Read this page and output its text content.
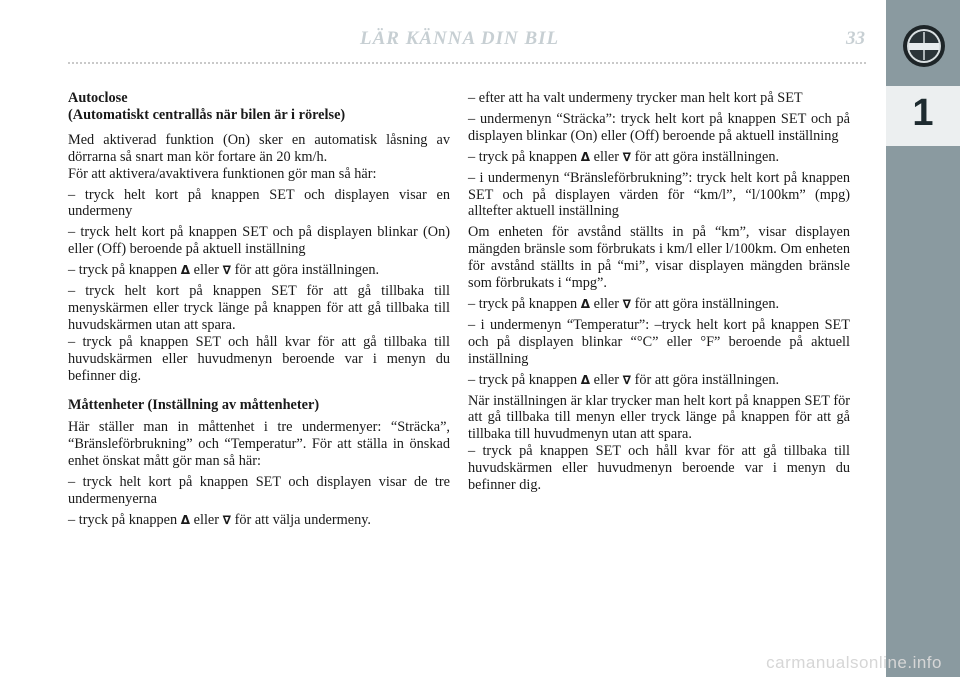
LÄR KÄNNA DIN BIL	33
1
Autoclose
(Automatiskt centrallås när bilen är i rörelse)

Med aktiverad funktion (On) sker en automatisk låsning av dörrarna så snart man kör fortare än 20 km/h.

För att aktivera/avaktivera funktionen gör man så här:

– tryck helt kort på knappen SET och displayen visar en undermeny

– tryck helt kort på knappen SET och på displayen blinkar (On) eller (Off) beroende på aktuell inställning

– tryck på knappen Δ eller ∇ för att göra inställningen.

– tryck helt kort på knappen SET för att gå tillbaka till menyskärmen eller tryck länge på knappen för att gå tillbaka till huvudskärmen utan att spara.

– tryck på knappen SET och håll kvar för att gå tillbaka till huvudskärmen eller huvudmenyn beroende var i menyn du befinner dig.

Måttenheter (Inställning av måttenheter)

Här ställer man in måttenhet i tre undermenyer: “Sträcka”, “Bränsleförbrukning” och “Temperatur”. För att ställa in önskad enhet önskat mått gör man så här:

– tryck helt kort på knappen SET och displayen visar de tre undermenyerna

– tryck på knappen Δ eller ∇ för att välja undermeny.

– efter att ha valt undermeny trycker man helt kort på SET

– undermenyn “Sträcka”: tryck helt kort på knappen SET och på displayen blinkar (On) eller (Off) beroende på aktuell inställning

– tryck på knappen Δ eller ∇ för att göra inställningen.

– i undermenyn “Bränsleförbrukning”: tryck helt kort på knappen SET och på displayen värden för “km/l”, “l/100km” (mpg) alltefter aktuell inställning

Om enheten för avstånd ställts in på “km”, visar displayen mängden bränsle som förbrukats i km/l eller l/100km. Om enheten för avstånd ställts in på “mi”, visar displayen mängden bränsle som förbrukats i “mpg”.

– tryck på knappen Δ eller ∇ för att göra inställningen.

– i undermenyn “Temperatur”: –tryck helt kort på knappen SET och på displayen blinkar “°C” eller °F” beroende på aktuell inställning

– tryck på knappen Δ eller ∇ för att göra inställningen.

När inställningen är klar trycker man helt kort på knappen SET för att gå tillbaka till menyn eller tryck länge på knappen för att gå tillbaka till huvudmenyn utan att spara.

– tryck på knappen SET och håll kvar för att gå tillbaka till huvudskärmen eller huvudmenyn beroende var i menyn du befinner dig.

carmanualsonline.info
